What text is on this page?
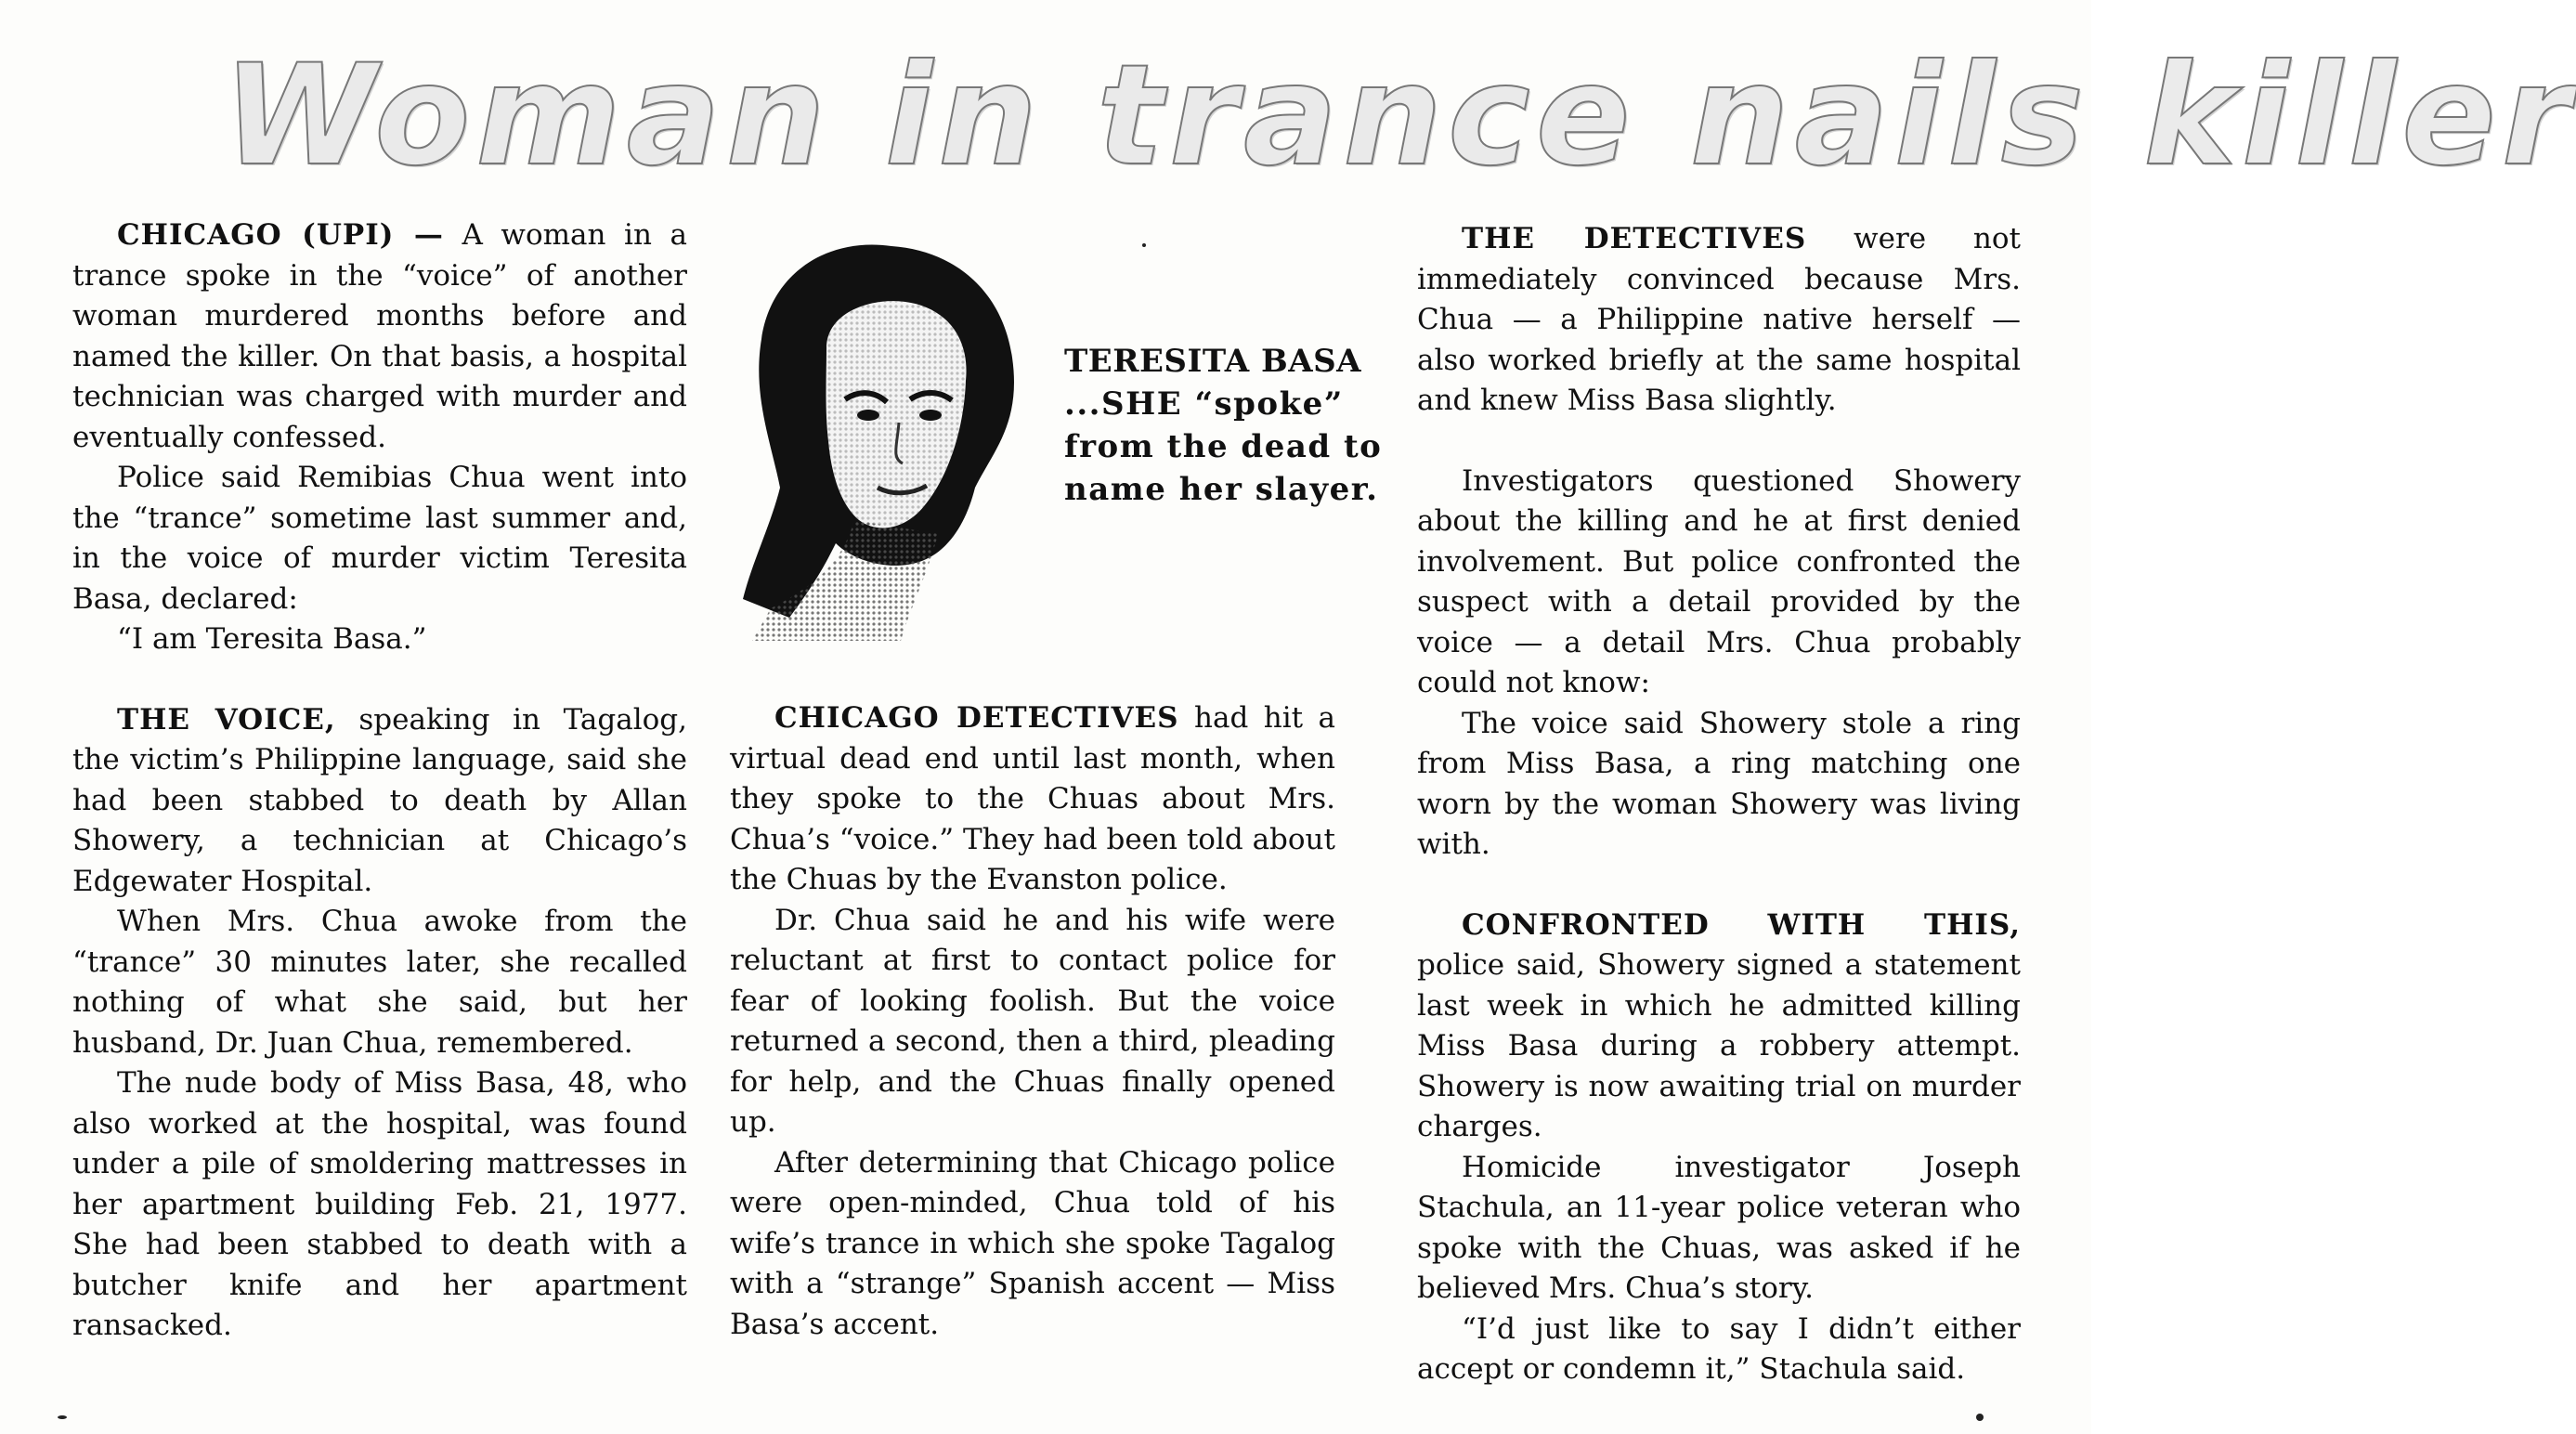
Woman in trance nails killer

CHICAGO (UPI) — A woman in a trance spoke in the “voice” of another woman murdered months before and named the killer. On that basis, a hospital technician was charged with murder and eventually confessed.

Police said Remibias Chua went into the “trance” sometime last summer and, in the voice of murder victim Teresita Basa, declared:

“I am Teresita Basa.”

THE VOICE, speaking in Tagalog, the victim’s Philippine language, said she had been stabbed to death by Allan Showery, a technician at Chicago’s Edgewater Hospital.

When Mrs. Chua awoke from the “trance” 30 minutes later, she recalled nothing of what she said, but her husband, Dr. Juan Chua, remembered.

The nude body of Miss Basa, 48, who also worked at the hospital, was found under a pile of smoldering mattresses in her apartment building Feb. 21, 1977. She had been stabbed to death with a butcher knife and her apartment ransacked.

TERESITA BASA
...SHE “spoke” from the dead to name her slayer.

CHICAGO DETECTIVES had hit a virtual dead end until last month, when they spoke to the Chuas about Mrs. Chua’s “voice.” They had been told about the Chuas by the Evanston police.

Dr. Chua said he and his wife were reluctant at first to contact police for fear of looking foolish. But the voice returned a second, then a third, pleading for help, and the Chuas finally opened up.

After determining that Chicago police were open-minded, Chua told of his wife’s trance in which she spoke Tagalog with a “strange” Spanish accent — Miss Basa’s accent.

THE DETECTIVES were not immediately convinced because Mrs. Chua — a Philippine native herself — also worked briefly at the same hospital and knew Miss Basa slightly.

Investigators questioned Showery about the killing and he at first denied involvement. But police confronted the suspect with a detail provided by the voice — a detail Mrs. Chua probably could not know:

The voice said Showery stole a ring from Miss Basa, a ring matching one worn by the woman Showery was living with.

CONFRONTED WITH THIS, police said, Showery signed a statement last week in which he admitted killing Miss Basa during a robbery attempt. Showery is now awaiting trial on murder charges.

Homicide investigator Joseph Stachula, an 11-year police veteran who spoke with the Chuas, was asked if he believed Mrs. Chua’s story.

“I’d just like to say I didn’t either accept or condemn it,” Stachula said.
